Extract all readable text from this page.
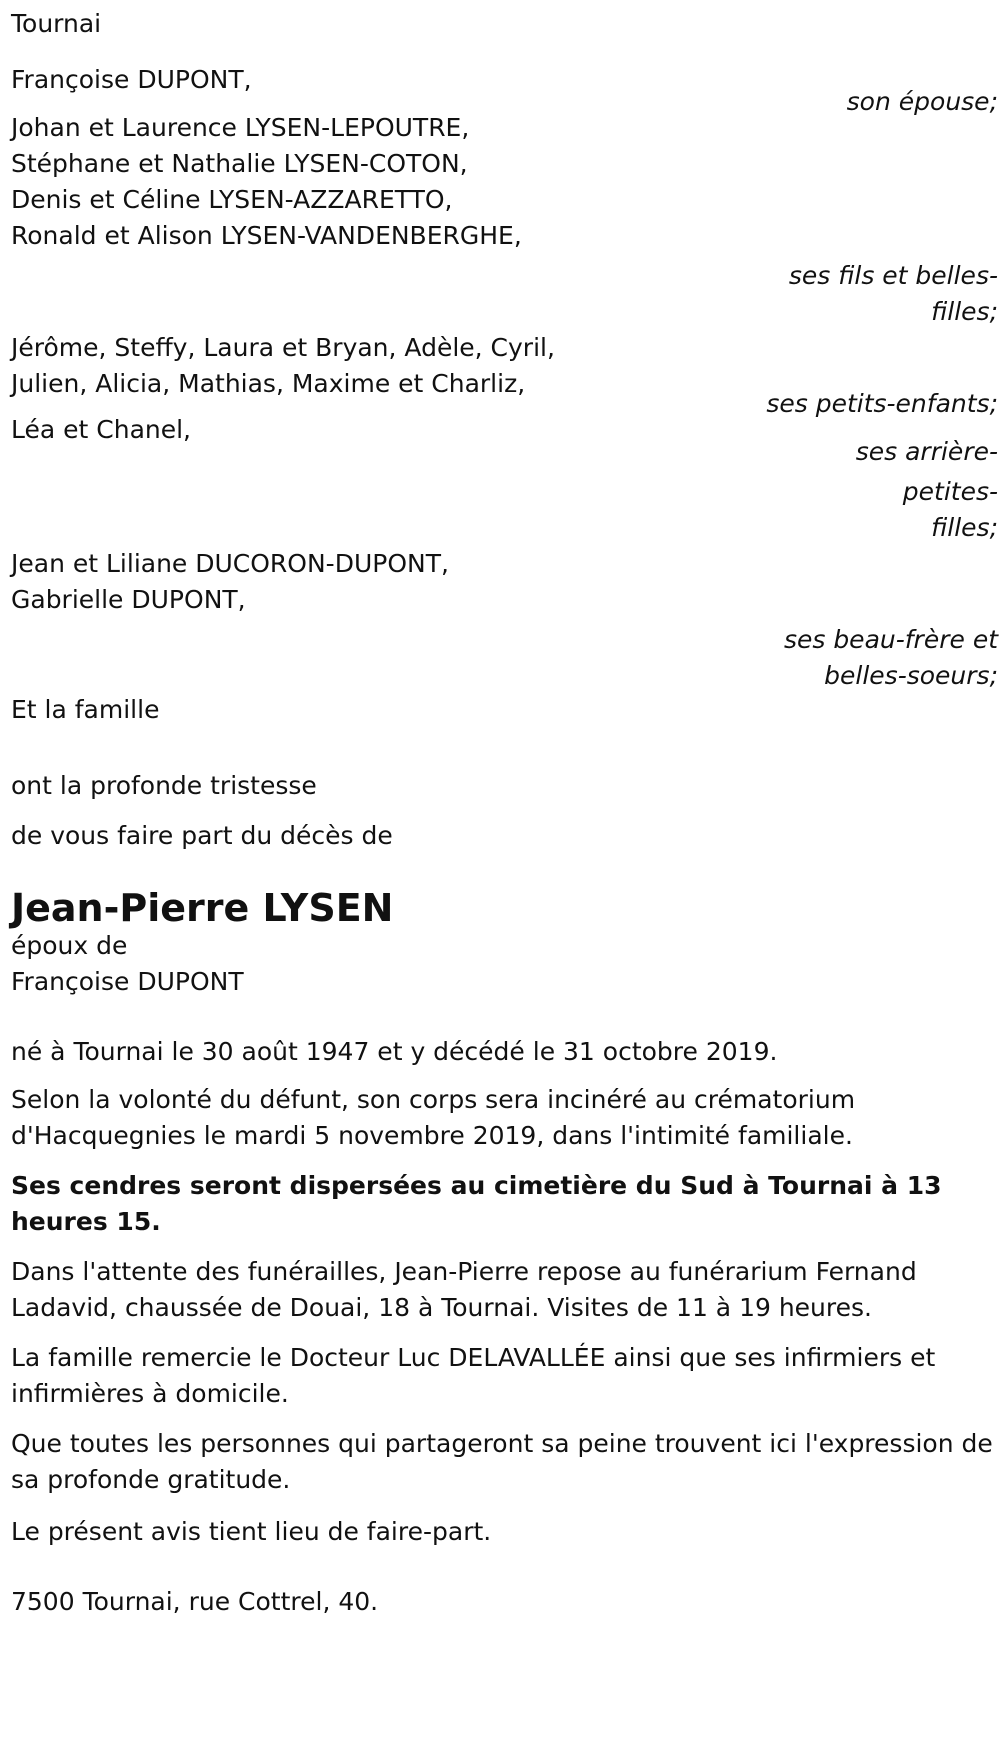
Tournai
Françoise DUPONT,
son épouse;
Johan et Laurence LYSEN-LEPOUTRE,
Stéphane et Nathalie LYSEN-COTON,
Denis et Céline LYSEN-AZZARETTO,
Ronald et Alison LYSEN-VANDENBERGHE,
ses fils et belles-
filles;
Jérôme, Steffy, Laura et Bryan, Adèle, Cyril,
Julien, Alicia, Mathias, Maxime et Charliz,
ses petits-enfants;
Léa et Chanel,
ses arrière-petites-
filles;
Jean et Liliane DUCORON-DUPONT,
Gabrielle DUPONT,
ses beau-frère et
belles-soeurs;
Et la famille
ont la profonde tristesse
de vous faire part du décès de
Jean-Pierre LYSEN
époux de
Françoise DUPONT

né à Tournai le 30 août 1947 et y décédé le 31 octobre 2019.

Selon la volonté du défunt, son corps sera incinéré au crématorium d'Hacquegnies le mardi 5 novembre 2019, dans l'intimité familiale.

Ses cendres seront dispersées au cimetière du Sud à Tournai à 13 heures 15.

Dans l'attente des funérailles, Jean-Pierre repose au funérarium Fernand Ladavid, chaussée de Douai, 18 à Tournai. Visites de 11 à 19 heures.

La famille remercie le Docteur Luc DELAVALLÉE ainsi que ses infirmiers et infirmières à domicile.

Que toutes les personnes qui partageront sa peine trouvent ici l'expression de sa profonde gratitude.

Le présent avis tient lieu de faire-part.

7500 Tournai, rue Cottrel, 40.
